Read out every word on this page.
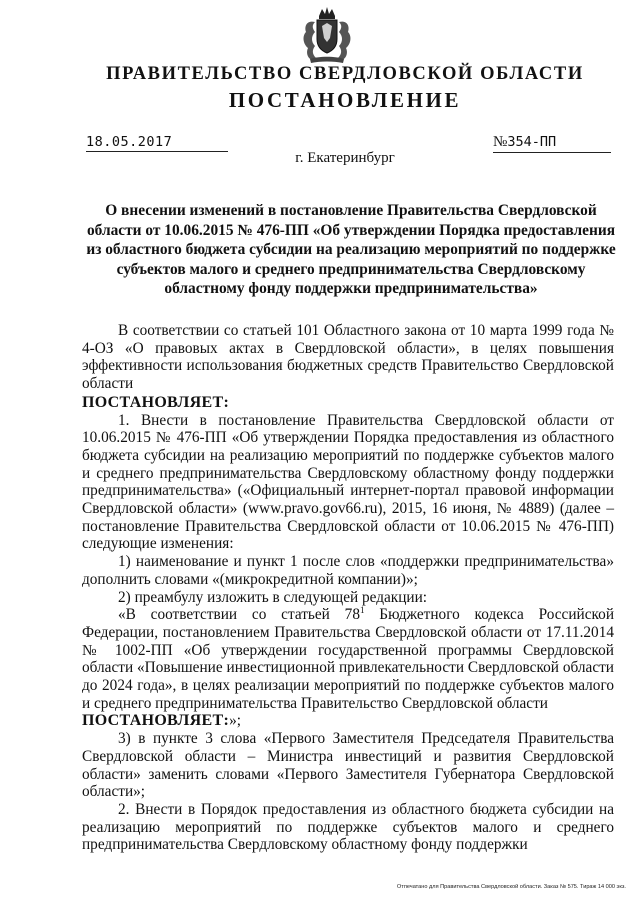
ПРАВИТЕЛЬСТВО СВЕРДЛОВСКОЙ ОБЛАСТИ
ПОСТАНОВЛЕНИЕ
18.05.2017	№354-ПП
г. Екатеринбург
О внесении изменений в постановление Правительства Свердловской области от 10.06.2015 № 476-ПП «Об утверждении Порядка предоставления из областного бюджета субсидии на реализацию мероприятий по поддержке субъектов малого и среднего предпринимательства Свердловскому областному фонду поддержки предпринимательства»

В соответствии со статьей 101 Областного закона от 10 марта 1999 года № 4-ОЗ «О правовых актах в Свердловской области», в целях повышения эффективности использования бюджетных средств Правительство Свердловской области

ПОСТАНОВЛЯЕТ:

1. Внести в постановление Правительства Свердловской области от 10.06.2015 № 476-ПП «Об утверждении Порядка предоставления из областного бюджета субсидии на реализацию мероприятий по поддержке субъектов малого и среднего предпринимательства Свердловскому областному фонду поддержки предпринимательства» («Официальный интернет-портал правовой информации Свердловской области» (www.pravo.gov66.ru), 2015, 16 июня, № 4889) (далее – постановление Правительства Свердловской области от 10.06.2015 № 476-ПП) следующие изменения:

1) наименование и пункт 1 после слов «поддержки предпринимательства» дополнить словами «(микрокредитной компании)»;

2) преамбулу изложить в следующей редакции:

«В соответствии со статьей $78^1$ Бюджетного кодекса Российской Федерации, постановлением Правительства Свердловской области от 17.11.2014 № 1002-ПП «Об утверждении государственной программы Свердловской области «Повышение инвестиционной привлекательности Свердловской области до 2024 года», в целях реализации мероприятий по поддержке субъектов малого и среднего предпринимательства Правительство Свердловской области

ПОСТАНОВЛЯЕТ:»;

3) в пункте 3 слова «Первого Заместителя Председателя Правительства Свердловской области – Министра инвестиций и развития Свердловской области» заменить словами «Первого Заместителя Губернатора Свердловской области»;

2. Внести в Порядок предоставления из областного бюджета субсидии на реализацию мероприятий по поддержке субъектов малого и среднего предпринимательства Свердловскому областному фонду поддержки

Отпечатано для Правительства Свердловской области. Заказ № 575. Тираж 14 000 экз.
